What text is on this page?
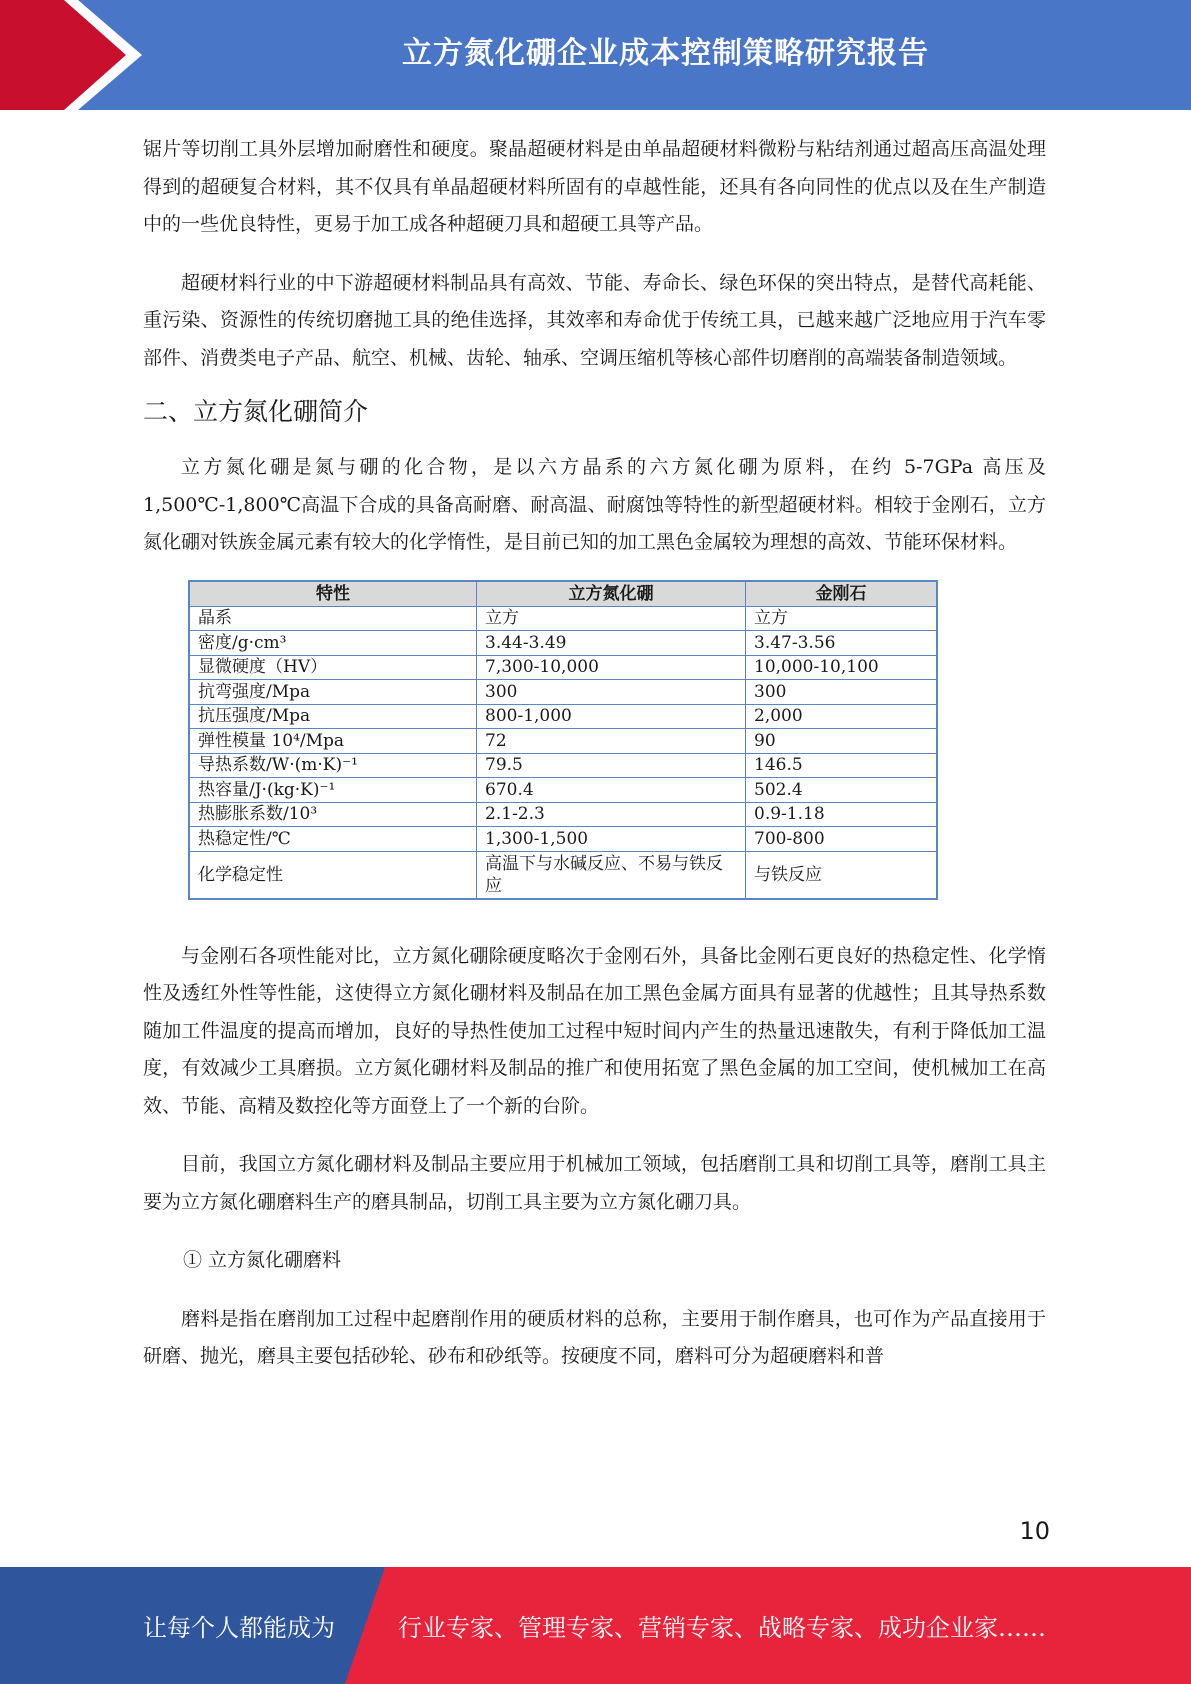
立方氮化硼企业成本控制策略研究报告

锯片等切削工具外层增加耐磨性和硬度。聚晶超硬材料是由单晶超硬材料微粉与粘结剂通过超高压高温处理得到的超硬复合材料，其不仅具有单晶超硬材料所固有的卓越性能，还具有各向同性的优点以及在生产制造中的一些优良特性，更易于加工成各种超硬刀具和超硬工具等产品。

超硬材料行业的中下游超硬材料制品具有高效、节能、寿命长、绿色环保的突出特点，是替代高耗能、重污染、资源性的传统切磨抛工具的绝佳选择，其效率和寿命优于传统工具，已越来越广泛地应用于汽车零部件、消费类电子产品、航空、机械、齿轮、轴承、空调压缩机等核心部件切磨削的高端装备制造领域。

二、立方氮化硼简介

立方氮化硼是氮与硼的化合物，是以六方晶系的六方氮化硼为原料，在约 5-7GPa 高压及 1,500℃-1,800℃高温下合成的具备高耐磨、耐高温、耐腐蚀等特性的新型超硬材料。相较于金刚石，立方氮化硼对铁族金属元素有较大的化学惰性，是目前已知的加工黑色金属较为理想的高效、节能环保材料。

特性	立方氮化硼	金刚石
晶系	立方	立方
密度/g·cm³	3.44-3.49	3.47-3.56
显微硬度（HV）	7,300-10,000	10,000-10,100
抗弯强度/Mpa	300	300
抗压强度/Mpa	800-1,000	2,000
弹性模量 10⁴/Mpa	72	90
导热系数/W·(m·K)⁻¹	79.5	146.5
热容量/J·(kg·K)⁻¹	670.4	502.4
热膨胀系数/10³	2.1-2.3	0.9-1.18
热稳定性/℃	1,300-1,500	700-800
化学稳定性	高温下与水碱反应、不易与铁反应	与铁反应

与金刚石各项性能对比，立方氮化硼除硬度略次于金刚石外，具备比金刚石更良好的热稳定性、化学惰性及透红外性等性能，这使得立方氮化硼材料及制品在加工黑色金属方面具有显著的优越性；且其导热系数随加工件温度的提高而增加，良好的导热性使加工过程中短时间内产生的热量迅速散失，有利于降低加工温度，有效减少工具磨损。立方氮化硼材料及制品的推广和使用拓宽了黑色金属的加工空间，使机械加工在高效、节能、高精及数控化等方面登上了一个新的台阶。

目前，我国立方氮化硼材料及制品主要应用于机械加工领域，包括磨削工具和切削工具等，磨削工具主要为立方氮化硼磨料生产的磨具制品，切削工具主要为立方氮化硼刀具。

① 立方氮化硼磨料

磨料是指在磨削加工过程中起磨削作用的硬质材料的总称，主要用于制作磨具，也可作为产品直接用于研磨、抛光，磨具主要包括砂轮、砂布和砂纸等。按硬度不同，磨料可分为超硬磨料和普

10
让每个人都能成为	行业专家、管理专家、营销专家、战略专家、成功企业家……
